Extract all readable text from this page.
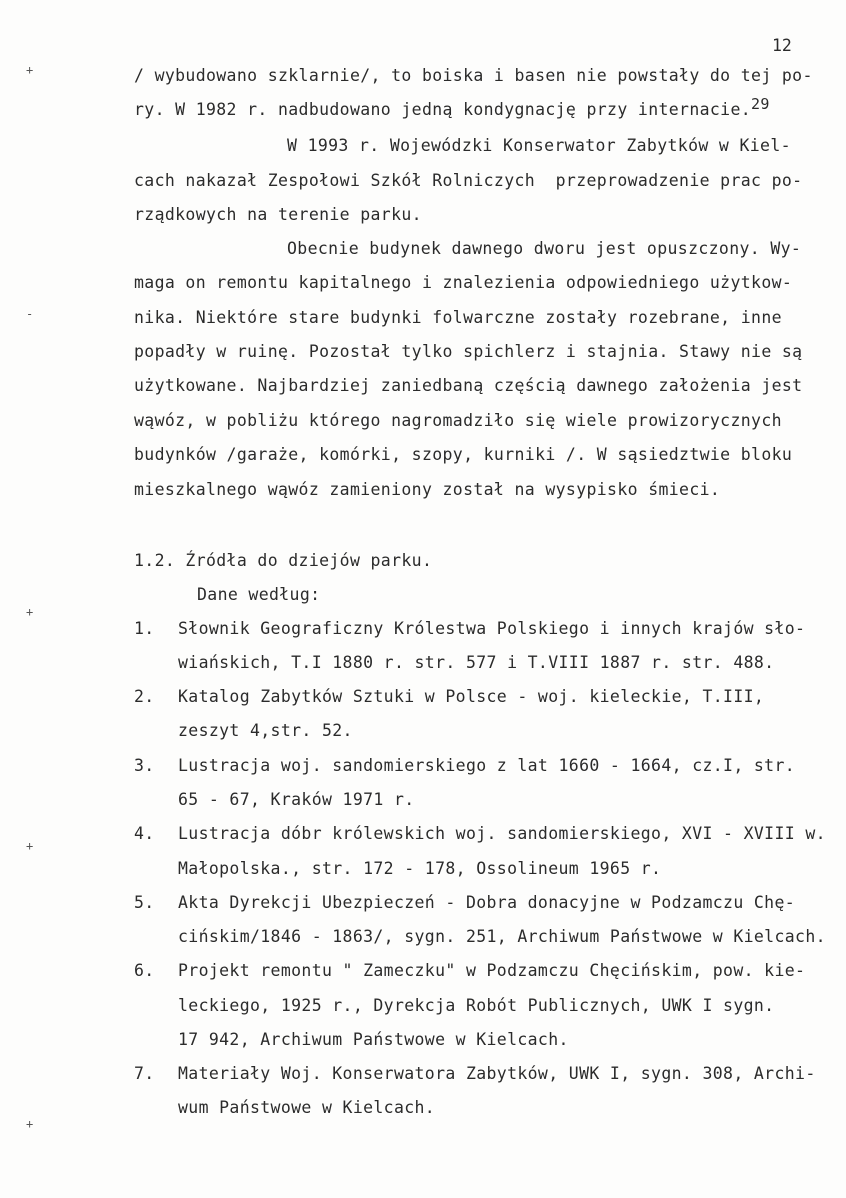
+
-
+
+
+
12
/ wybudowano szklarnie/, to boiska i basen nie powstały do tej po-
ry. W 1982 r. nadbudowano jedną kondygnację przy internacie.$^{29}$
W 1993 r. Wojewódzki Konserwator Zabytków w Kiel-
cach nakazał Zespołowi Szkół Rolniczych  przeprowadzenie prac po-
rządkowych na terenie parku.
Obecnie budynek dawnego dworu jest opuszczony. Wy-
maga on remontu kapitalnego i znalezienia odpowiedniego użytkow-
nika. Niektóre stare budynki folwarczne zostały rozebrane, inne
popadły w ruinę. Pozostał tylko spichlerz i stajnia. Stawy nie są
użytkowane. Najbardziej zaniedbaną częścią dawnego założenia jest
wąwóz, w pobliżu którego nagromadziło się wiele prowizorycznych
budynków /garaże, komórki, szopy, kurniki /. W sąsiedztwie bloku
mieszkalnego wąwóz zamieniony został na wysypisko śmieci.
1.2. Źródła do dziejów parku.
Dane według:
1. Słownik Geograficzny Królestwa Polskiego i innych krajów sło-
wiańskich, T.I 1880 r. str. 577 i T.VIII 1887 r. str. 488.
2. Katalog Zabytków Sztuki w Polsce - woj. kieleckie, T.III,
zeszyt 4,str. 52.
3. Lustracja woj. sandomierskiego z lat 1660 - 1664, cz.I, str.
65 - 67, Kraków 1971 r.
4. Lustracja dóbr królewskich woj. sandomierskiego, XVI - XVIII w.
Małopolska., str. 172 - 178, Ossolineum 1965 r.
5. Akta Dyrekcji Ubezpieczeń - Dobra donacyjne w Podzamczu Chę-
cińskim/1846 - 1863/, sygn. 251, Archiwum Państwowe w Kielcach.
6. Projekt remontu " Zameczku" w Podzamczu Chęcińskim, pow. kie-
leckiego, 1925 r., Dyrekcja Robót Publicznych, UWK I sygn.
17 942, Archiwum Państwowe w Kielcach.
7. Materiały Woj. Konserwatora Zabytków, UWK I, sygn. 308, Archi-
wum Państwowe w Kielcach.
